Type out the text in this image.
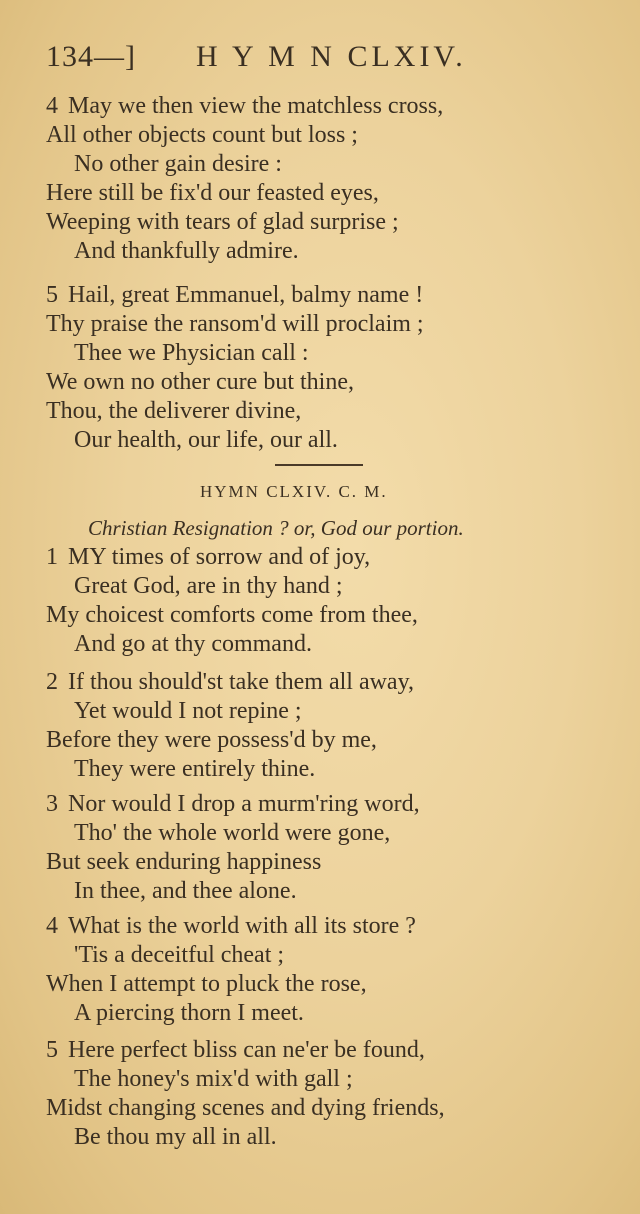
134—] H Y M N CLXIV.
4 May we then view the matchless cross,
All other objects count but loss ;
No other gain desire :
Here still be fix'd our feasted eyes,
Weeping with tears of glad surprise ;
And thankfully admire.
5 Hail, great Emmanuel, balmy name !
Thy praise the ransom'd will proclaim ;
Thee we Physician call :
We own no other cure but thine,
Thou, the deliverer divine,
Our health, our life, our all.
HYMN CLXIV. C. M.
Christian Resignation ? or, God our portion.
1 MY times of sorrow and of joy,
Great God, are in thy hand ;
My choicest comforts come from thee,
And go at thy command.
2 If thou should'st take them all away,
Yet would I not repine ;
Before they were possess'd by me,
They were entirely thine.
3 Nor would I drop a murm'ring word,
Tho' the whole world were gone,
But seek enduring happiness
In thee, and thee alone.
4 What is the world with all its store ?
'Tis a deceitful cheat ;
When I attempt to pluck the rose,
A piercing thorn I meet.
5 Here perfect bliss can ne'er be found,
The honey's mix'd with gall ;
Midst changing scenes and dying friends,
Be thou my all in all.
